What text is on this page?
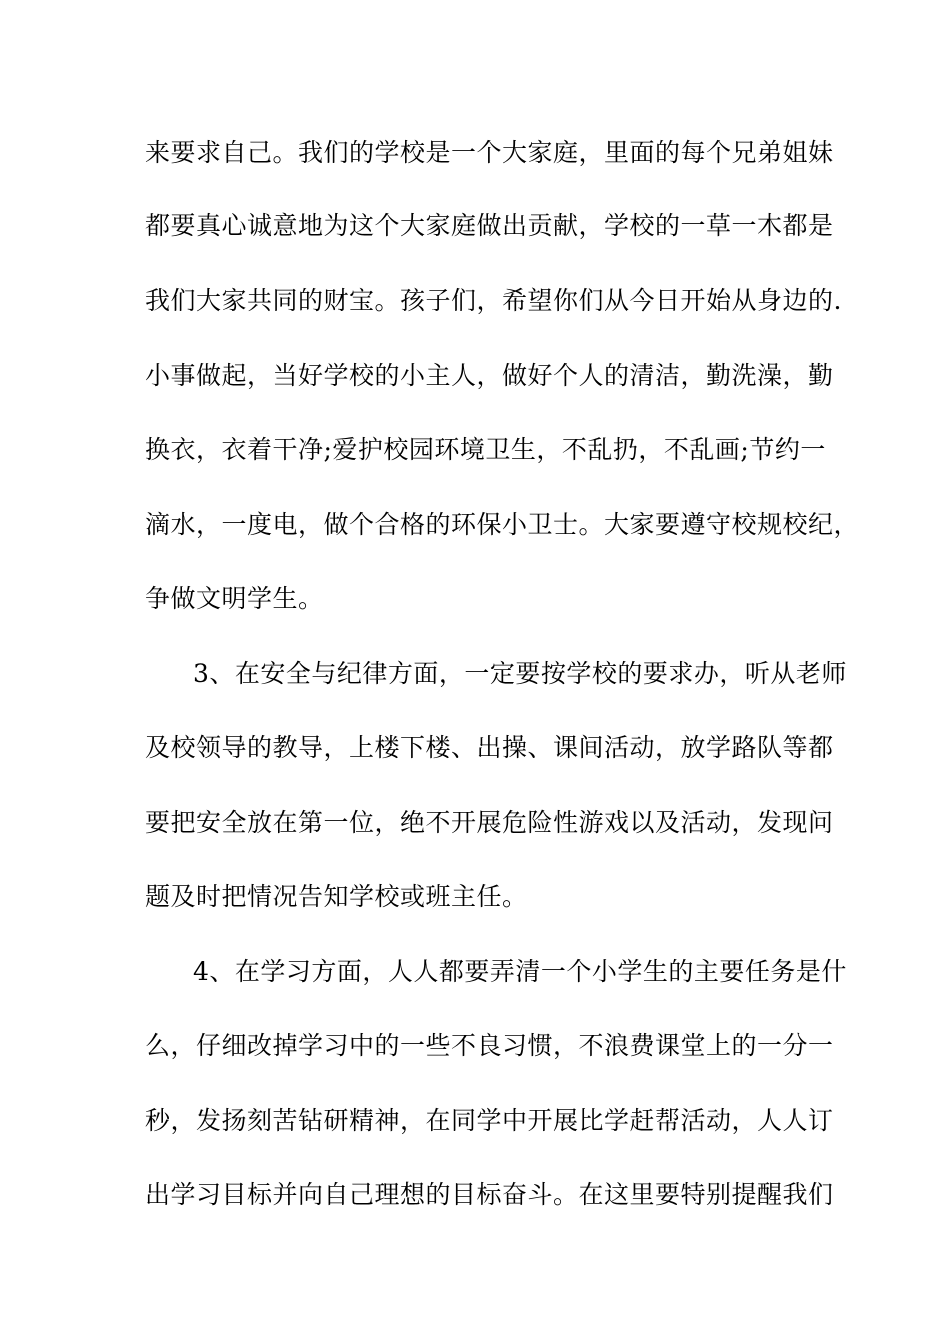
来要求自己。我们的学校是一个大家庭，里面的每个兄弟姐妹
都要真心诚意地为这个大家庭做出贡献，学校的一草一木都是
我们大家共同的财宝。孩子们，希望你们从今日开始从身边的.
小事做起，当好学校的小主人，做好个人的清洁，勤洗澡，勤
换衣，衣着干净;爱护校园环境卫生，不乱扔，不乱画;节约一
滴水，一度电，做个合格的环保小卫士。大家要遵守校规校纪，
争做文明学生。
3、在安全与纪律方面，一定要按学校的要求办，听从老师
及校领导的教导，上楼下楼、出操、课间活动，放学路队等都
要把安全放在第一位，绝不开展危险性游戏以及活动，发现问
题及时把情况告知学校或班主任。
4、在学习方面，人人都要弄清一个小学生的主要任务是什
么，仔细改掉学习中的一些不良习惯，不浪费课堂上的一分一
秒，发扬刻苦钻研精神，在同学中开展比学赶帮活动，人人订
出学习目标并向自己理想的目标奋斗。在这里要特别提醒我们
